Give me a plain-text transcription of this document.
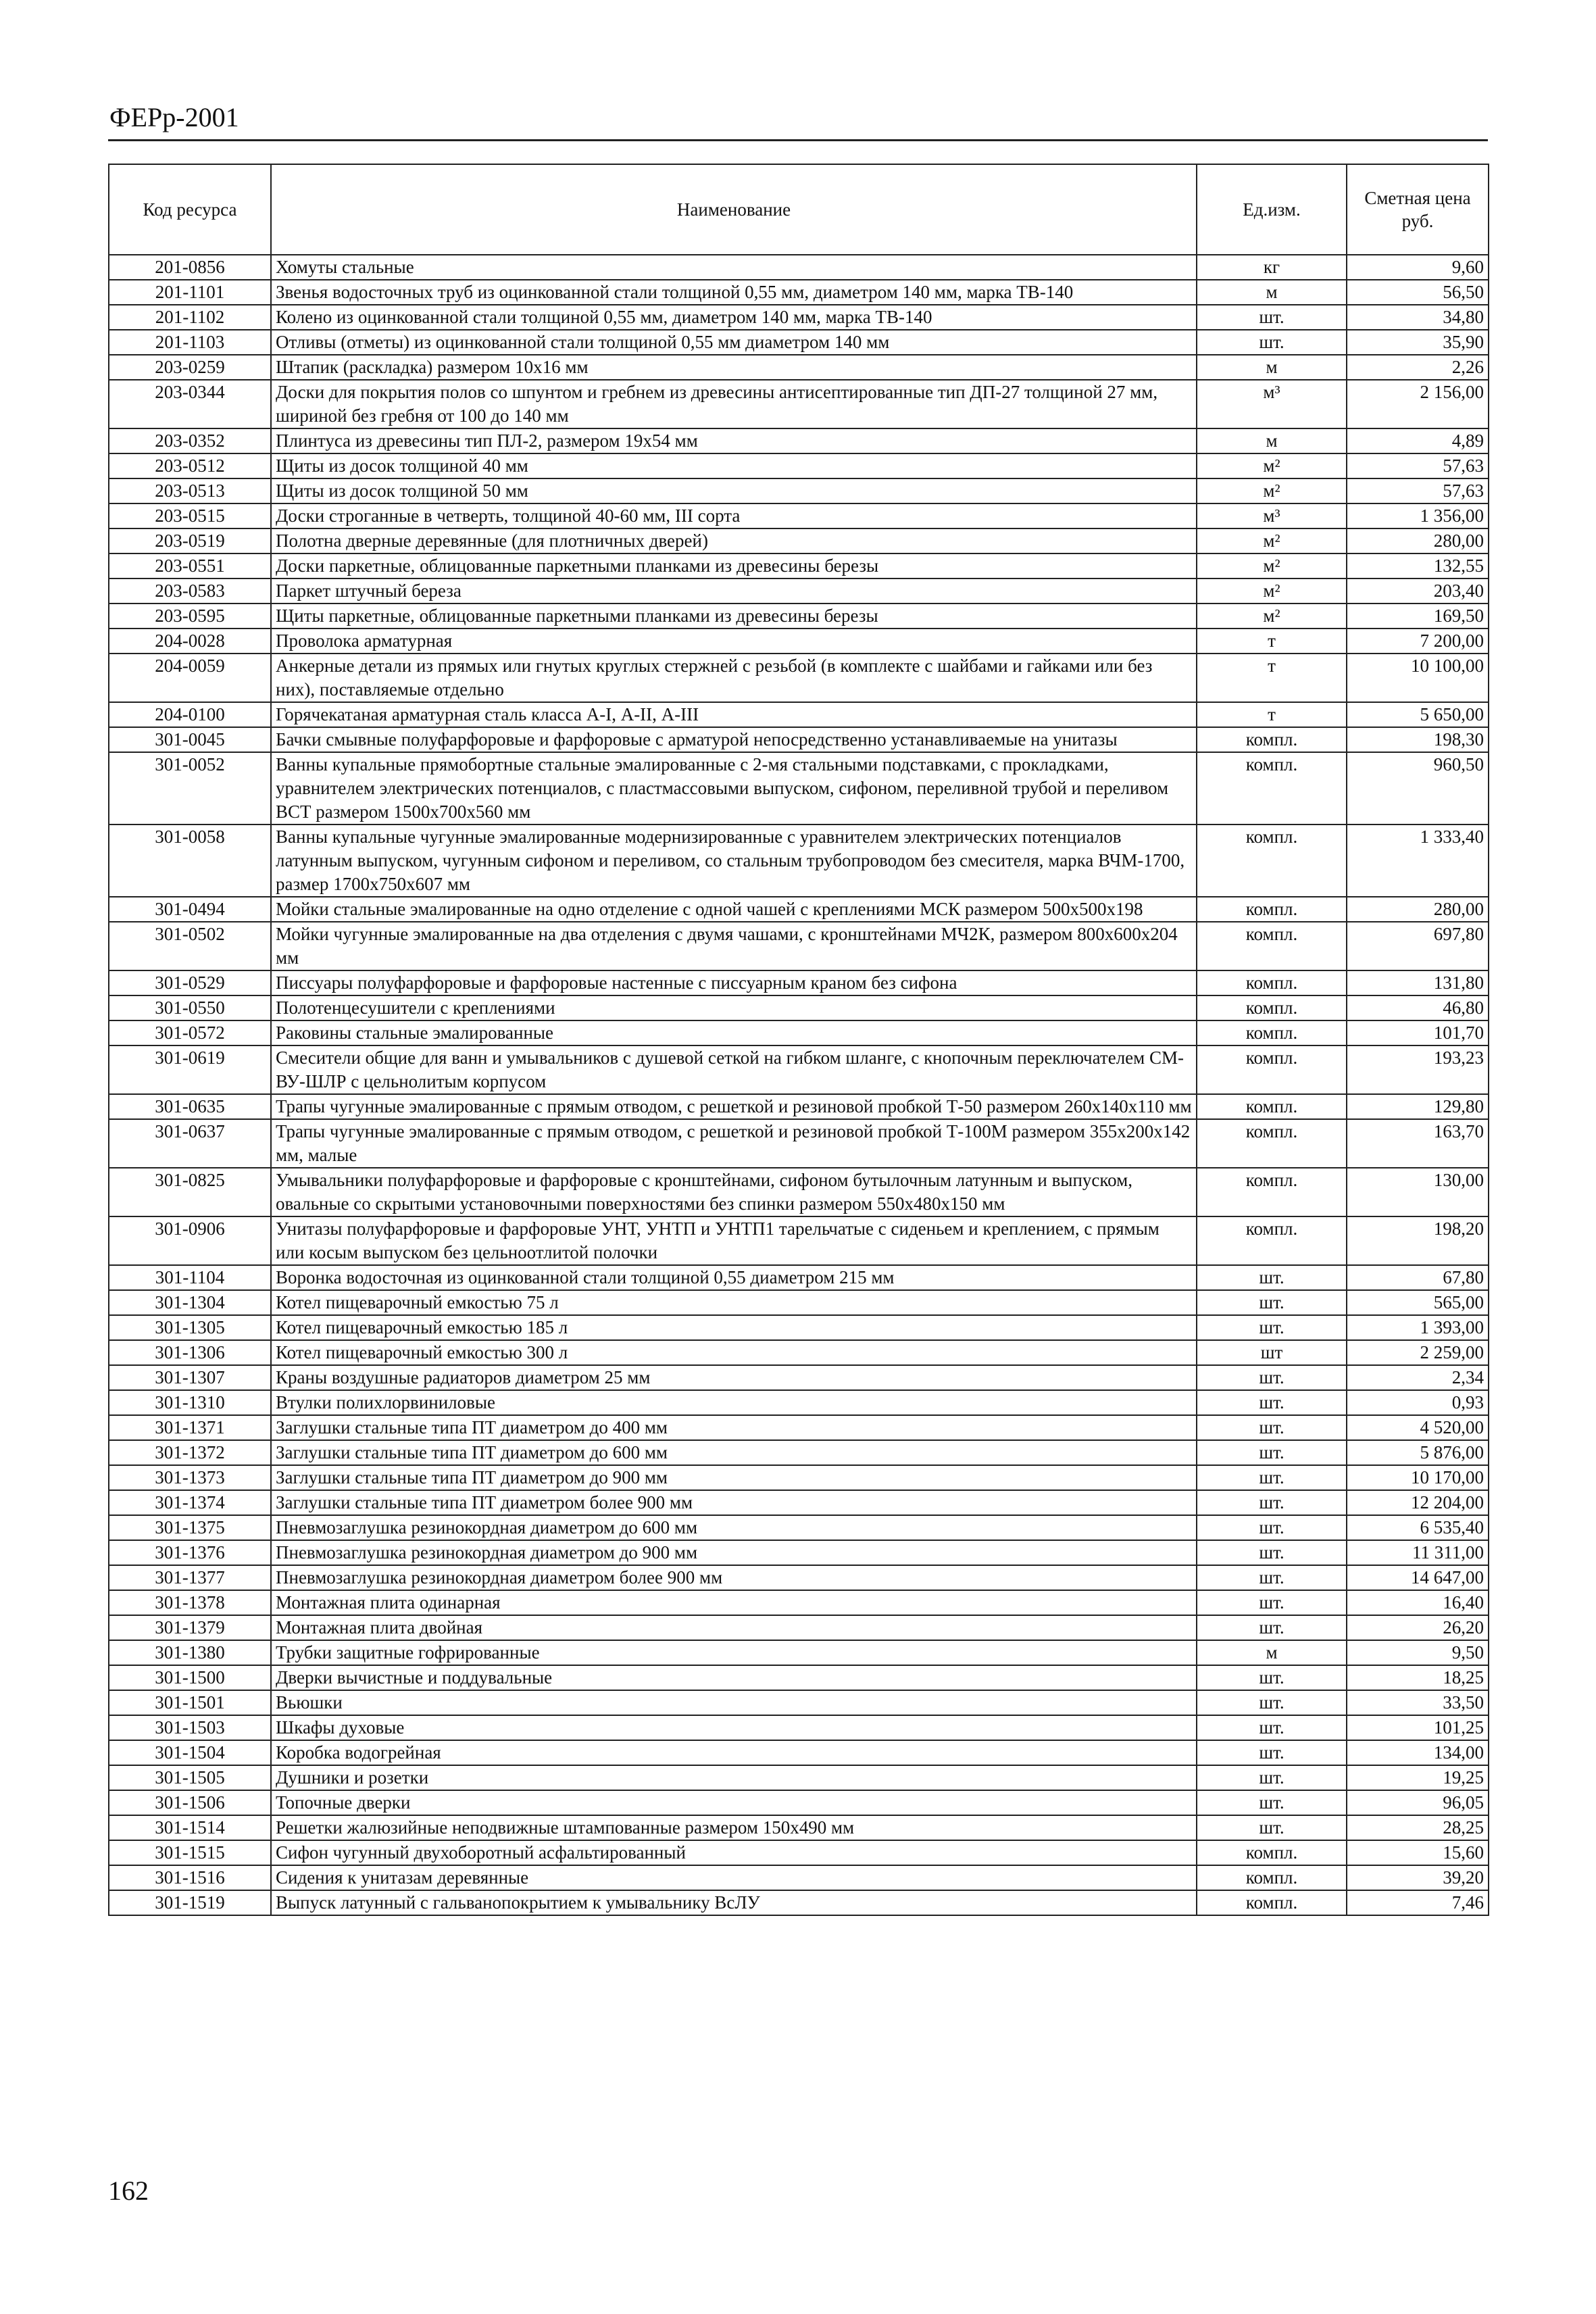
ФЕРр-2001
Код ресурса	Наименование	Ед.изм.	Сметная цена руб.
201-0856	Хомуты стальные	кг	9,60
201-1101	Звенья водосточных труб из оцинкованной стали толщиной 0,55 мм, диаметром 140 мм, марка ТВ-140	м	56,50
201-1102	Колено из оцинкованной стали толщиной 0,55 мм, диаметром 140 мм, марка ТВ-140	шт.	34,80
201-1103	Отливы (отметы) из оцинкованной стали толщиной 0,55 мм диаметром 140 мм	шт.	35,90
203-0259	Штапик (раскладка) размером 10х16 мм	м	2,26
203-0344	Доски для покрытия полов со шпунтом и гребнем из древесины антисептированные тип ДП-27 толщиной 27 мм, шириной без гребня от 100 до 140 мм	м³	2 156,00
203-0352	Плинтуса из древесины тип ПЛ-2, размером 19х54 мм	м	4,89
203-0512	Щиты из досок толщиной 40 мм	м²	57,63
203-0513	Щиты из досок толщиной 50 мм	м²	57,63
203-0515	Доски строганные в четверть, толщиной 40-60 мм, III сорта	м³	1 356,00
203-0519	Полотна дверные деревянные (для плотничных дверей)	м²	280,00
203-0551	Доски паркетные, облицованные паркетными планками из древесины березы	м²	132,55
203-0583	Паркет штучный береза	м²	203,40
203-0595	Щиты паркетные, облицованные паркетными планками из древесины березы	м²	169,50
204-0028	Проволока арматурная	т	7 200,00
204-0059	Анкерные детали из прямых или гнутых круглых стержней с резьбой (в комплекте с шайбами и гайками или без них), поставляемые отдельно	т	10 100,00
204-0100	Горячекатаная арматурная сталь класса А-I, А-II, А-III	т	5 650,00
301-0045	Бачки смывные полуфарфоровые и фарфоровые с арматурой непосредственно устанавливаемые на унитазы	компл.	198,30
301-0052	Ванны купальные прямобортные стальные эмалированные с 2-мя стальными подставками, с прокладками, уравнителем электрических потенциалов, с пластмассовыми выпуском, сифоном, переливной трубой и переливом ВСТ размером 1500х700х560 мм	компл.	960,50
301-0058	Ванны купальные чугунные эмалированные модернизированные с уравнителем электрических потенциалов латунным выпуском, чугунным сифоном и переливом, со стальным трубопроводом без смесителя, марка ВЧМ-1700, размер 1700х750х607 мм	компл.	1 333,40
301-0494	Мойки стальные эмалированные на одно отделение с одной чашей с креплениями МСК размером 500х500х198	компл.	280,00
301-0502	Мойки чугунные эмалированные на два отделения с двумя чашами, с кронштейнами МЧ2К, размером 800х600х204 мм	компл.	697,80
301-0529	Писсуары полуфарфоровые и фарфоровые настенные с писсуарным краном без сифона	компл.	131,80
301-0550	Полотенцесушители с креплениями	компл.	46,80
301-0572	Раковины стальные эмалированные	компл.	101,70
301-0619	Смесители общие для ванн и умывальников с душевой сеткой на гибком шланге, с кнопочным переключателем СМ-ВУ-ШЛР с цельнолитым корпусом	компл.	193,23
301-0635	Трапы чугунные эмалированные с прямым отводом, с решеткой и резиновой пробкой Т-50 размером 260х140х110 мм	компл.	129,80
301-0637	Трапы чугунные эмалированные с прямым отводом, с решеткой и резиновой пробкой Т-100М размером 355х200х142 мм, малые	компл.	163,70
301-0825	Умывальники полуфарфоровые и фарфоровые с кронштейнами, сифоном бутылочным латунным и выпуском, овальные со скрытыми установочными поверхностями без спинки размером 550х480х150 мм	компл.	130,00
301-0906	Унитазы полуфарфоровые и фарфоровые УНТ, УНТП и УНТП1 тарельчатые с сиденьем и креплением, с прямым или косым выпуском без цельноотлитой полочки	компл.	198,20
301-1104	Воронка водосточная из оцинкованной стали толщиной 0,55 диаметром 215 мм	шт.	67,80
301-1304	Котел пищеварочный емкостью 75 л	шт.	565,00
301-1305	Котел пищеварочный емкостью 185 л	шт.	1 393,00
301-1306	Котел пищеварочный емкостью 300 л	шт	2 259,00
301-1307	Краны воздушные радиаторов диаметром 25 мм	шт.	2,34
301-1310	Втулки полихлорвиниловые	шт.	0,93
301-1371	Заглушки стальные типа ПТ диаметром до 400 мм	шт.	4 520,00
301-1372	Заглушки стальные типа ПТ диаметром до 600 мм	шт.	5 876,00
301-1373	Заглушки стальные типа ПТ диаметром до 900 мм	шт.	10 170,00
301-1374	Заглушки стальные типа ПТ диаметром более 900 мм	шт.	12 204,00
301-1375	Пневмозаглушка резинокордная диаметром до 600 мм	шт.	6 535,40
301-1376	Пневмозаглушка резинокордная диаметром до 900 мм	шт.	11 311,00
301-1377	Пневмозаглушка резинокордная диаметром более 900 мм	шт.	14 647,00
301-1378	Монтажная плита одинарная	шт.	16,40
301-1379	Монтажная плита двойная	шт.	26,20
301-1380	Трубки защитные гофрированные	м	9,50
301-1500	Дверки вычистные и поддувальные	шт.	18,25
301-1501	Вьюшки	шт.	33,50
301-1503	Шкафы духовые	шт.	101,25
301-1504	Коробка водогрейная	шт.	134,00
301-1505	Душники и розетки	шт.	19,25
301-1506	Топочные дверки	шт.	96,05
301-1514	Решетки жалюзийные неподвижные штампованные размером 150х490 мм	шт.	28,25
301-1515	Сифон чугунный двухоборотный асфальтированный	компл.	15,60
301-1516	Сидения к унитазам деревянные	компл.	39,20
301-1519	Выпуск латунный с гальванопокрытием к умывальнику ВсЛУ	компл.	7,46
162
